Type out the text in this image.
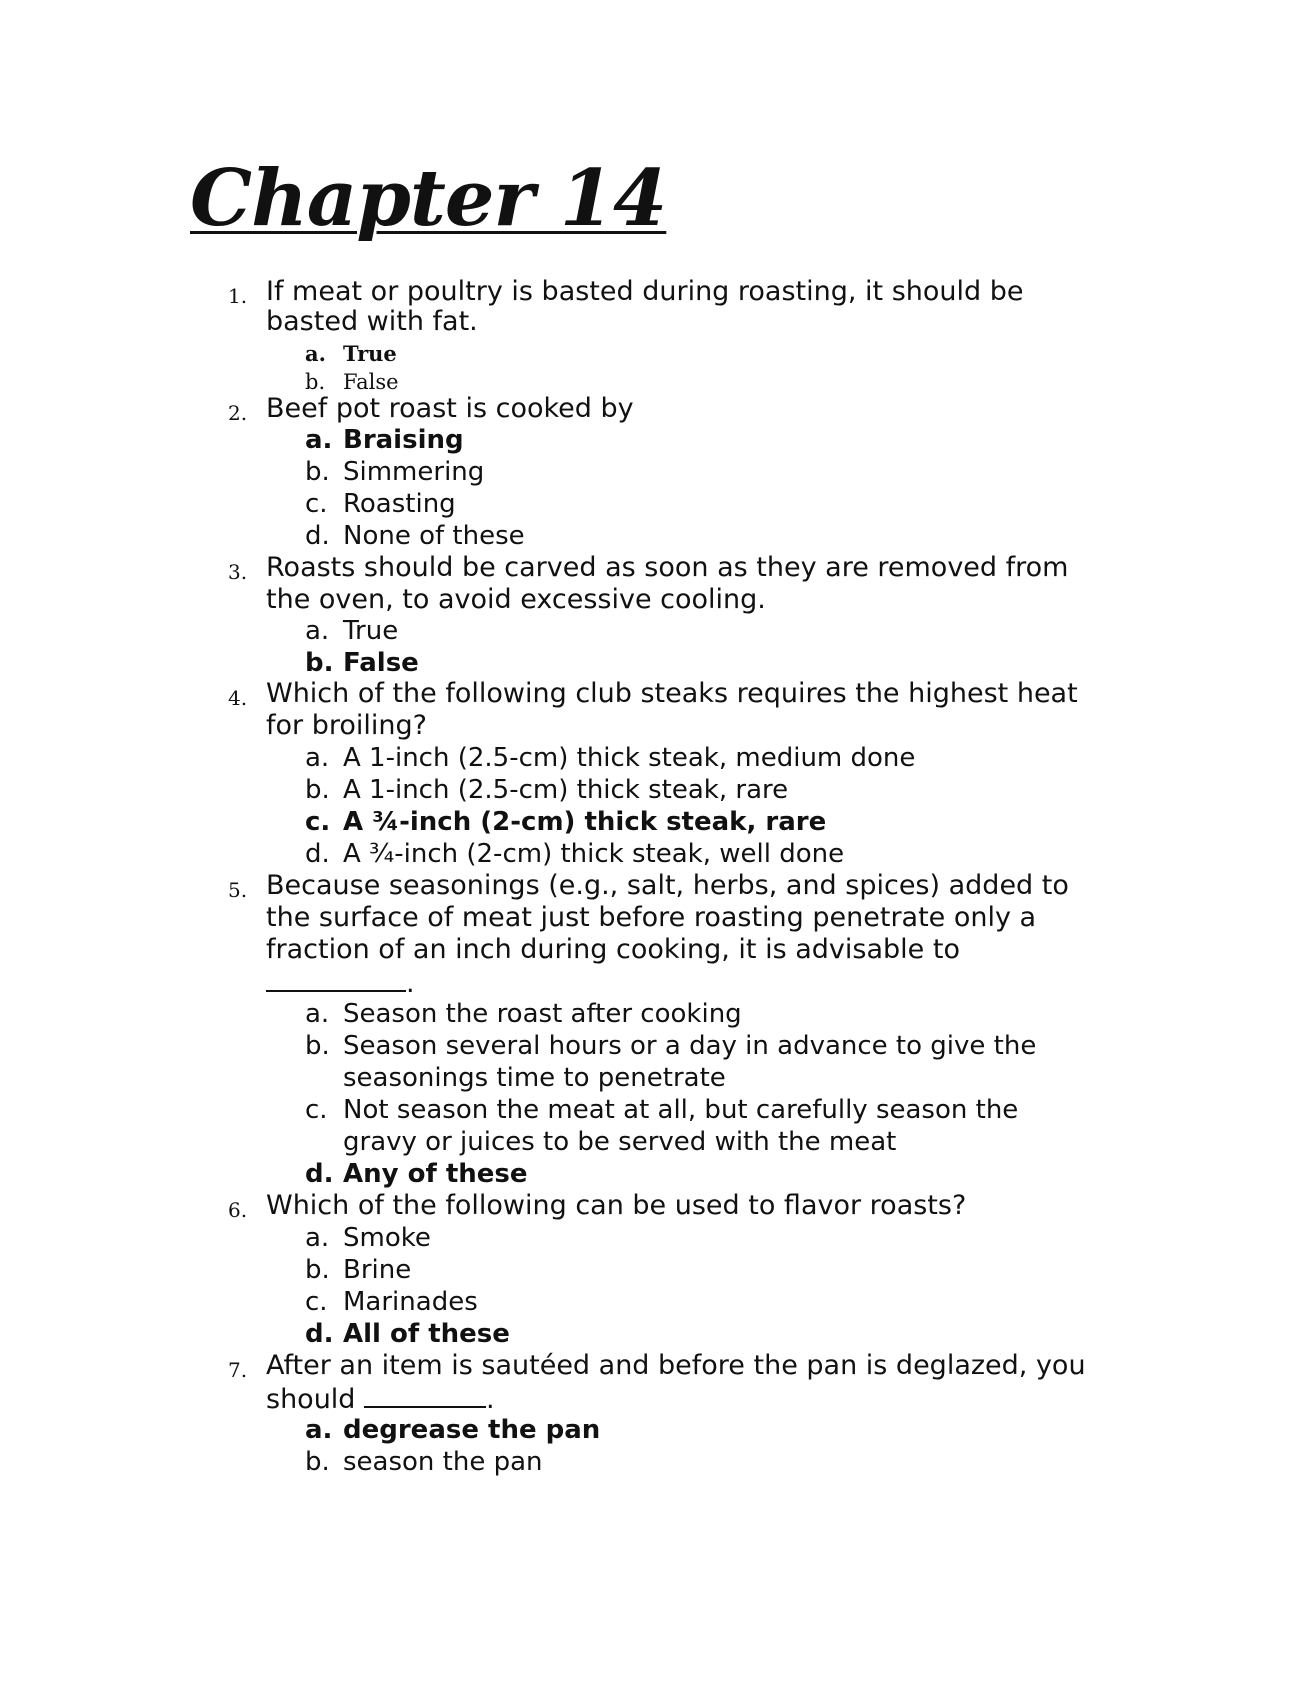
Chapter 14
1. If meat or poultry is basted during roasting, it should be
basted with fat.
a. True
b. False
2. Beef pot roast is cooked by
a. Braising
b. Simmering
c. Roasting
d. None of these
3. Roasts should be carved as soon as they are removed from
the oven, to avoid excessive cooling.
a. True
b. False
4. Which of the following club steaks requires the highest heat
for broiling?
a. A 1-inch (2.5-cm) thick steak, medium done
b. A 1-inch (2.5-cm) thick steak, rare
c. A ¾-inch (2-cm) thick steak, rare
d. A ¾-inch (2-cm) thick steak, well done
5. Because seasonings (e.g., salt, herbs, and spices) added to
the surface of meat just before roasting penetrate only a
fraction of an inch during cooking, it is advisable to
.
a. Season the roast after cooking
b. Season several hours or a day in advance to give the
seasonings time to penetrate
c. Not season the meat at all, but carefully season the
gravy or juices to be served with the meat
d. Any of these
6. Which of the following can be used to flavor roasts?
a. Smoke
b. Brine
c. Marinades
d. All of these
7. After an item is sautéed and before the pan is deglazed, you
should	.
a. degrease the pan
b. season the pan
